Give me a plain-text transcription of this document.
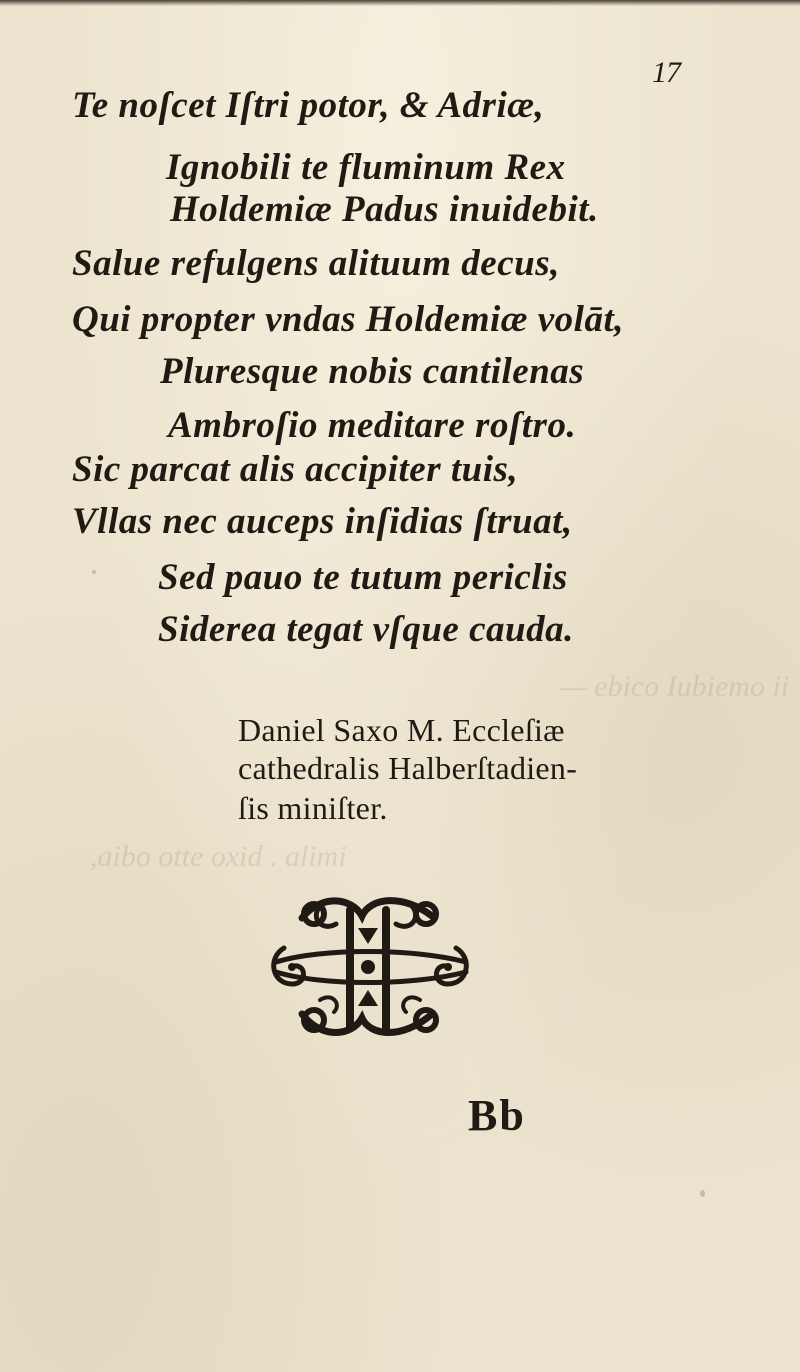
— ebico Iubiemo ii
,aibo otte oxid . alimi
17
Te noſcet Iſtri potor, & Adriæ,
Ignobili te fluminum Rex
Holdemiæ Padus inuidebit.
Salue refulgens alituum decus,
Qui propter vndas Holdemiæ volāt,
Pluresque nobis cantilenas
Ambroſio meditare roſtro.
Sic parcat alis accipiter tuis,
Vllas nec auceps inſidias ſtruat,
Sed pauo te tutum periclis
Siderea tegat vſque cauda.
Daniel Saxo M. Eccleſiæ
cathedralis Halberſtadien-
ſis miniſter.
Bb
